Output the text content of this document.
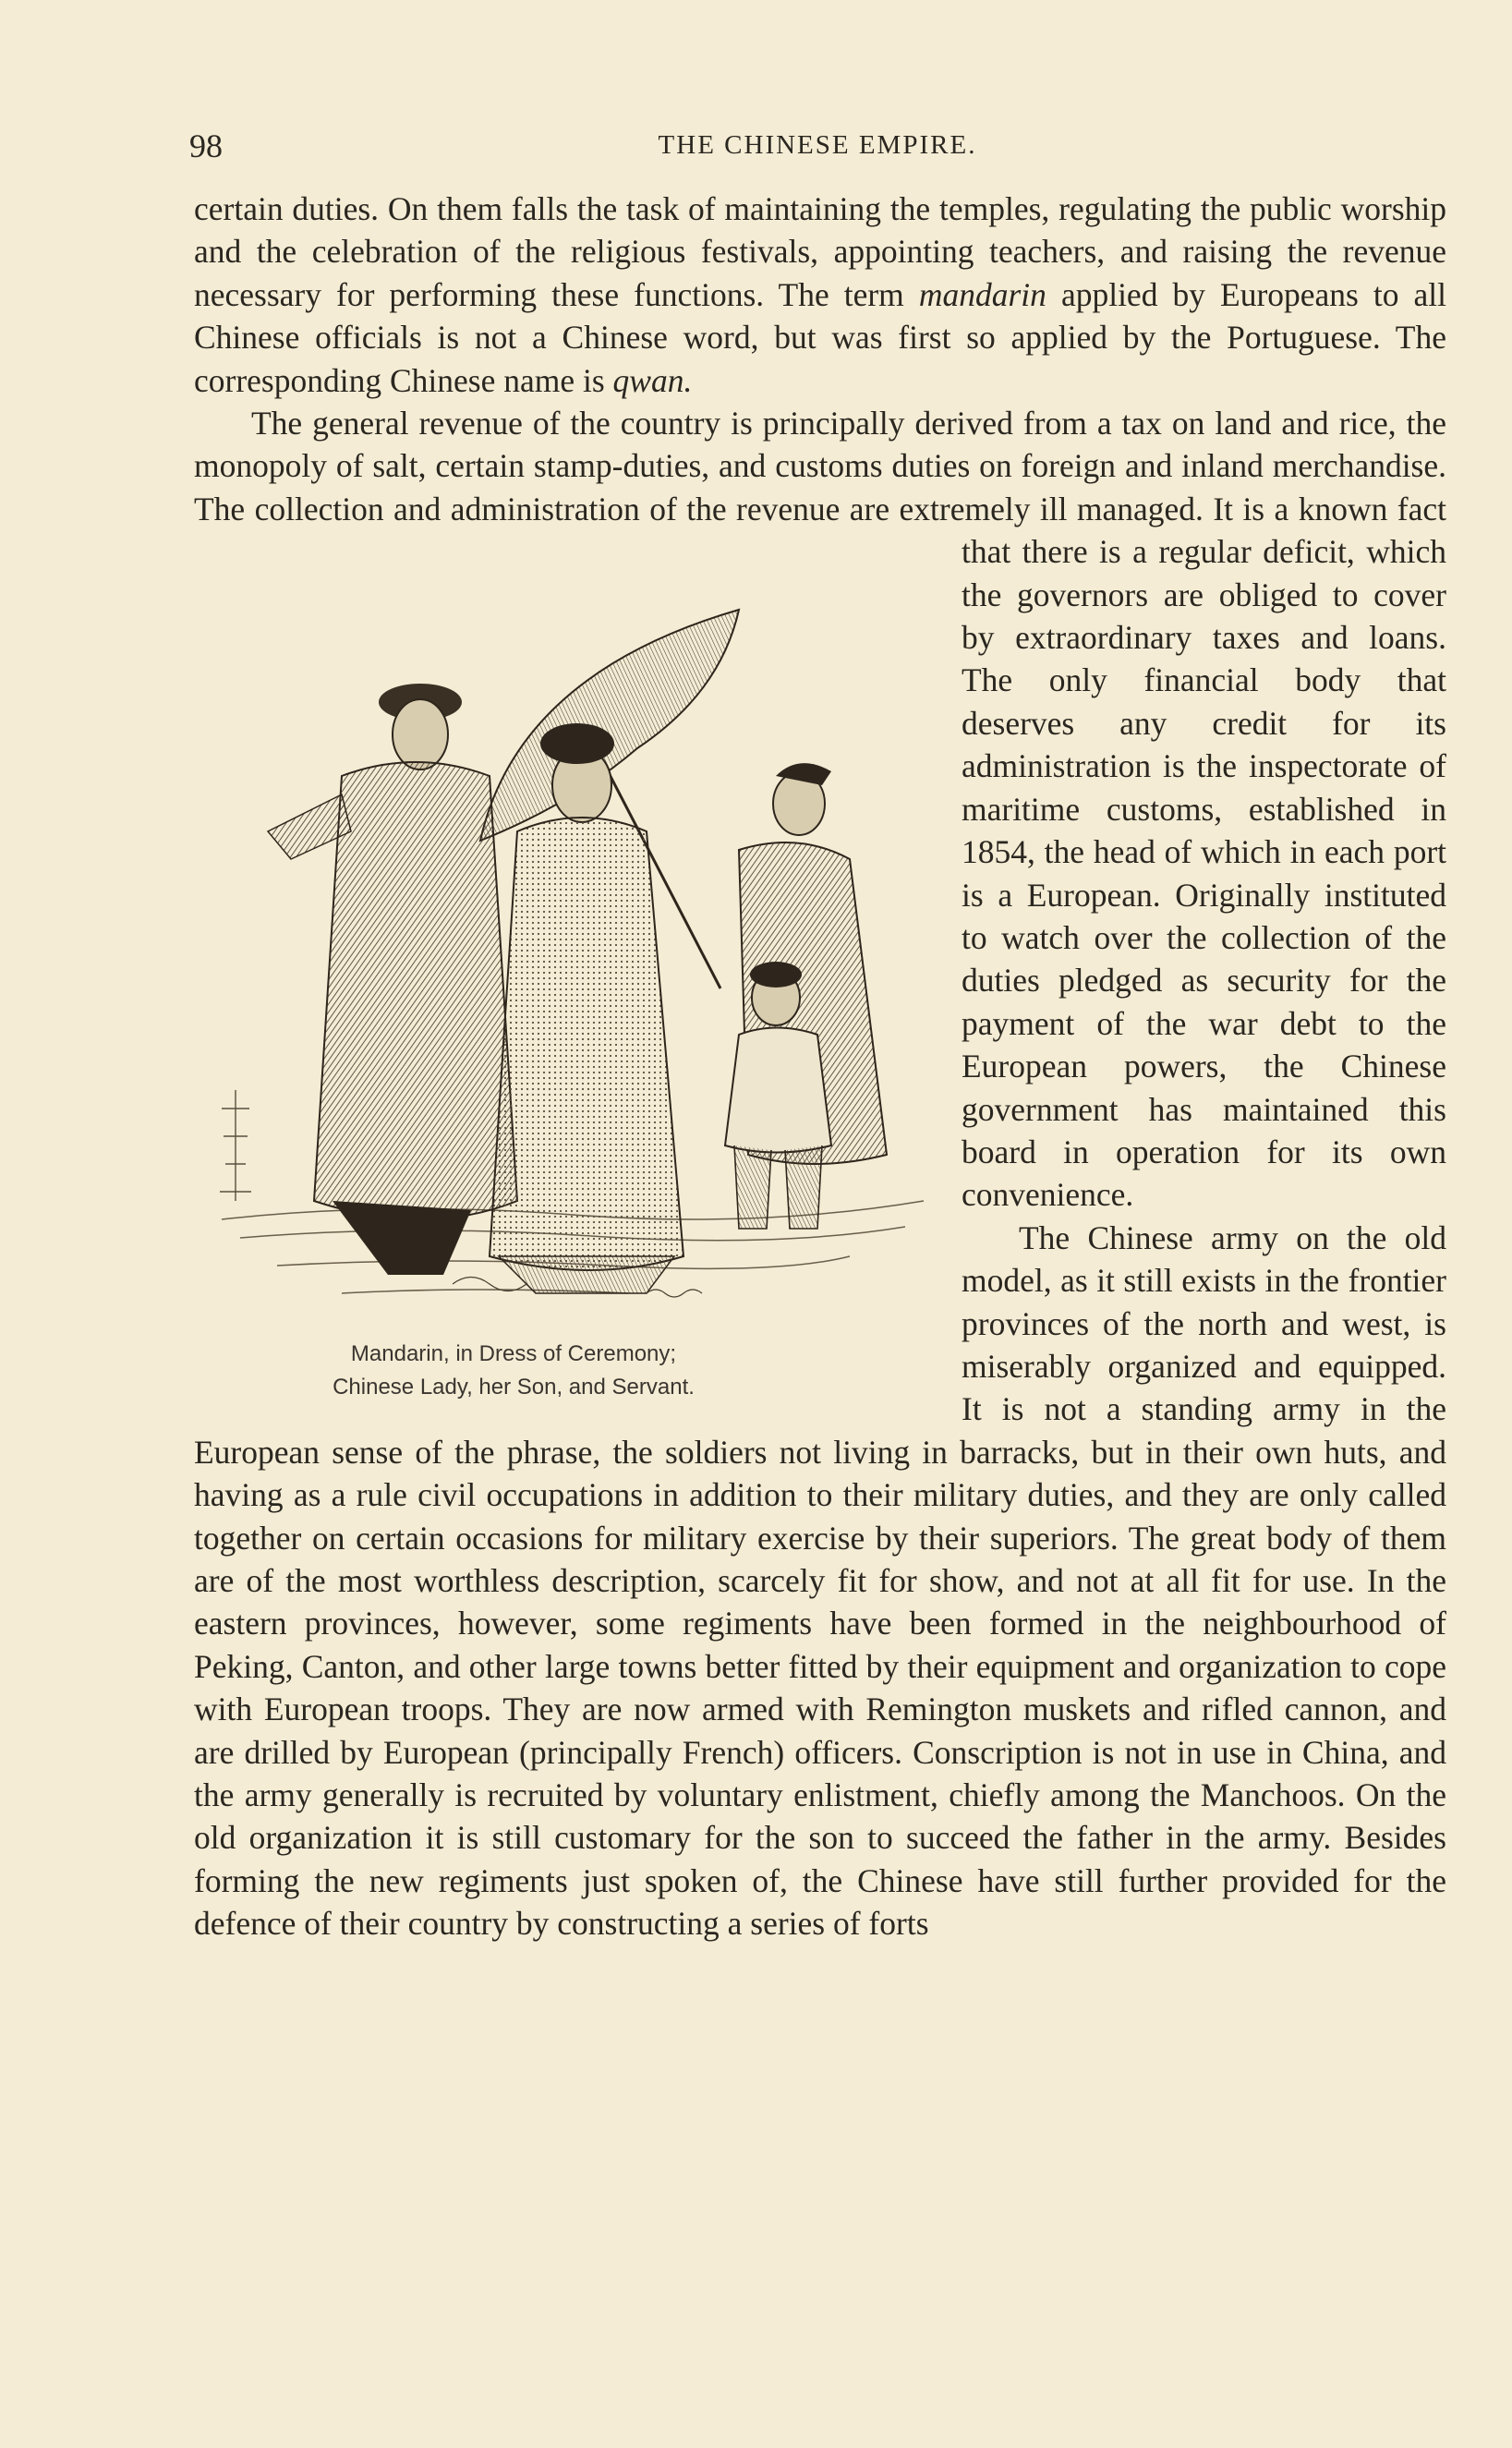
98	THE CHINESE EMPIRE.

certain duties. On them falls the task of maintaining the temples, regulating the public worship and the celebration of the religious festivals, appointing teachers, and raising the revenue necessary for performing these functions. The term mandarin applied by Europeans to all Chinese officials is not a Chinese word, but was first so applied by the Portuguese. The corresponding Chinese name is qwan.

The general revenue of the country is principally derived from a tax on land and rice, the monopoly of salt, certain stamp-duties, and customs duties on foreign and inland merchandise. The collection and administration of the revenue are
Mandarin, in Dress of Ceremony;
Chinese Lady, her Son, and Servant.
extremely ill managed. It is a known fact that there is a regular deficit, which the governors are obliged to cover by extraordinary taxes and loans. The only financial body that deserves any credit for its administration is the inspectorate of maritime customs, established in 1854, the head of which in each port is a European. Originally instituted to watch over the collection of the duties pledged as security for the payment of the war debt to the European powers, the Chinese government has maintained this board in operation for its own convenience.

The Chinese army on the old model, as it still exists in the frontier provinces of the north and west, is miserably organized and equipped. It is not a standing army in the European sense of the phrase, the soldiers not living in barracks, but in their own huts, and having as a rule civil occupations in addition to their military duties, and they are only called together on certain occasions for military exercise by their superiors. The great body of them are of the most worthless description, scarcely fit for show, and not at all fit for use. In the eastern provinces, however, some regiments have been formed in the neighbourhood of Peking, Canton, and other large towns better fitted by their equipment and organization to cope with European troops. They are now armed with Remington muskets and rifled cannon, and are drilled by European (principally French) officers. Conscription is not in use in China, and the army generally is recruited by voluntary enlistment, chiefly among the Manchoos. On the old organization it is still customary for the son to succeed the father in the army. Besides forming the new regiments just spoken of, the Chinese have still further provided for the defence of their country by constructing a series of forts
